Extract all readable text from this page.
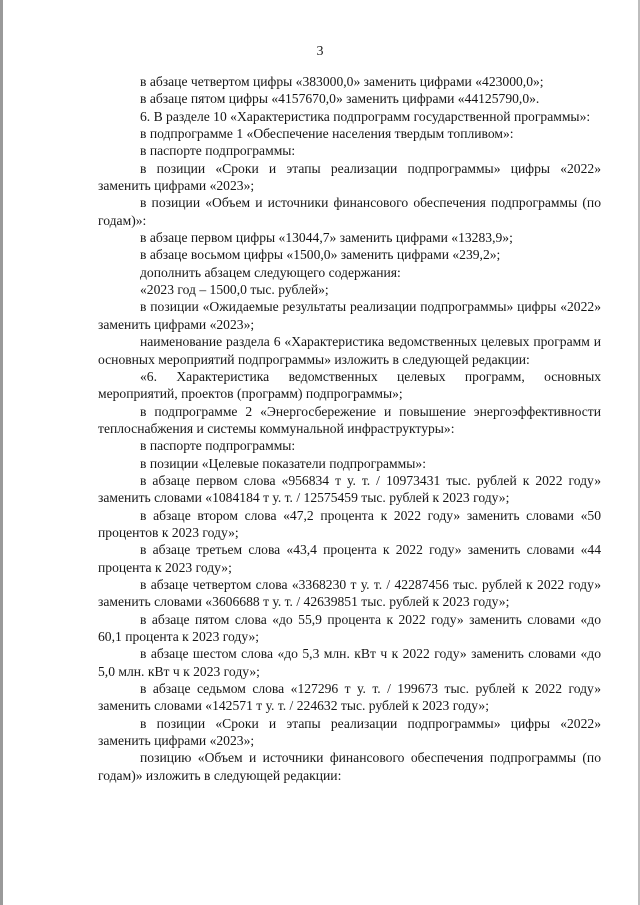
3

в абзаце четвертом цифры «383000,0» заменить цифрами «423000,0»;

в абзаце пятом цифры «4157670,0» заменить цифрами «44125790,0».

6. В разделе 10 «Характеристика подпрограмм государственной программы»:

в подпрограмме 1 «Обеспечение населения твердым топливом»:

в паспорте подпрограммы:

в позиции «Сроки и этапы реализации подпрограммы» цифры «2022» заменить цифрами «2023»;

в позиции «Объем и источники финансового обеспечения подпрограммы (по годам)»:

в абзаце первом цифры «13044,7» заменить цифрами «13283,9»;

в абзаце восьмом цифры «1500,0» заменить цифрами «239,2»;

дополнить абзацем следующего содержания:

«2023 год – 1500,0 тыс. рублей»;

в позиции «Ожидаемые результаты реализации подпрограммы» цифры «2022» заменить цифрами «2023»;

наименование раздела 6 «Характеристика ведомственных целевых программ и основных мероприятий подпрограммы» изложить в следующей редакции:

«6. Характеристика ведомственных целевых программ, основных мероприятий, проектов (программ) подпрограммы»;

в подпрограмме 2 «Энергосбережение и повышение энергоэффективности теплоснабжения и системы коммунальной инфраструктуры»:

в паспорте подпрограммы:

в позиции «Целевые показатели подпрограммы»:

в абзаце первом слова «956834 т у. т. / 10973431 тыс. рублей к 2022 году» заменить словами «1084184 т у. т. / 12575459 тыс. рублей к 2023 году»;

в абзаце втором слова «47,2 процента к 2022 году» заменить словами «50 процентов к 2023 году»;

в абзаце третьем слова «43,4 процента к 2022 году» заменить словами «44 процента к 2023 году»;

в абзаце четвертом слова «3368230 т у. т. / 42287456 тыс. рублей к 2022 году» заменить словами «3606688 т у. т. / 42639851 тыс. рублей к 2023 году»;

в абзаце пятом слова «до 55,9 процента к 2022 году» заменить словами «до 60,1 процента к 2023 году»;

в абзаце шестом слова «до 5,3 млн. кВт ч к 2022 году» заменить словами «до 5,0 млн. кВт ч к 2023 году»;

в абзаце седьмом слова «127296 т у. т. / 199673 тыс. рублей к 2022 году» заменить словами «142571 т у. т. / 224632 тыс. рублей к 2023 году»;

в позиции «Сроки и этапы реализации подпрограммы» цифры «2022» заменить цифрами «2023»;

позицию «Объем и источники финансового обеспечения подпрограммы (по годам)» изложить в следующей редакции:
